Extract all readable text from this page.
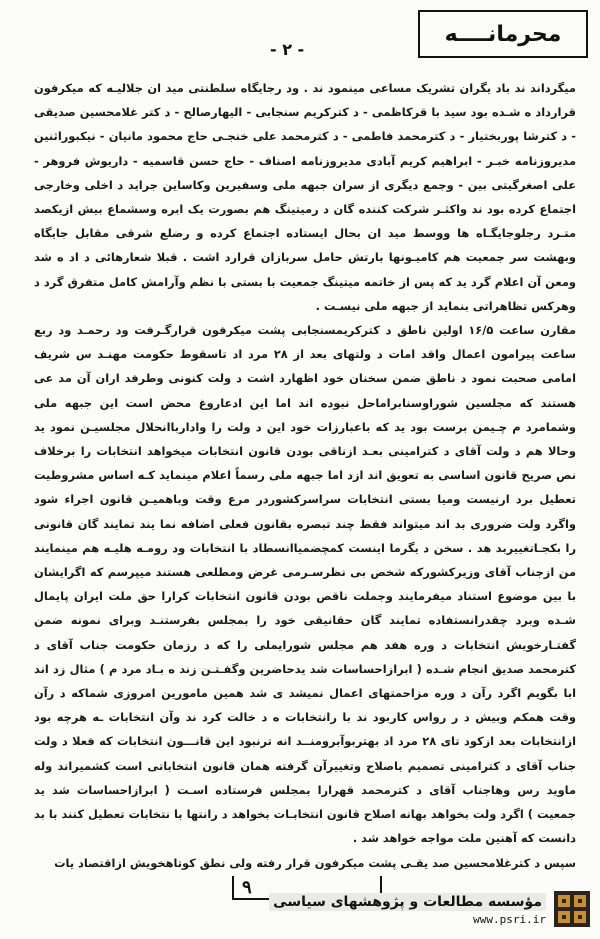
محرمانــــه
- ۲ -

میگرداند ند باد یگران تشریک مساعی مینمود ند . ود رجایگاه سلطنتی مید ان جلالیـه که میکرفون قرارداد ه شـده بود سید با قرکاظمی - د کترکریم سنجابی - الیهارصالح - د کتر غلامحسین صدیقی - د کترشا پوربختیار - د کترمحمد فاطمی - د کترمحمد علی خنجـی حاج محمود مانیان - نیکبوراثنین مدیروزنامه خبـر - ابراهیم کریم آبادی مدیروزنامه اصناف - حاج حسن قاسمیه - داریوش فروهر - علی اصغرگیتی بین - وجمع دیگری از سران جبهه ملی وسفیرین وکاساین جراید د اخلی وخارجی اجتماع کرده بود ند واکثـر شرکت کننده گان د رمیتینگ هم بصورت یک ابره وسشماع بیش ازیکصد متـرد رجلوجایگـاه ها ووسط مید ان بحال ایستاده اجتماع کرده و رضلع شرقی مقابل جایگاه وبهشت سر جمعیت هم کامیـونها بارتش حامل سربازان قرارد اشت . قبلا شعارهائی د اد ه شد ومعن آن اعلام گرد ید که پس از خاتمه میتینگ جمعیت با بستی با نظم وآرامش کامل متفرق گرد د وهرکس تظاهراتی بنماید از جبهه ملی نیسـت .

مقارن ساعت ۱۶/۵ اولین ناطق د کترکریمسنجابی پشت میکرفون قرارگـرفت ود رحمـد ود ربع ساعت پیرامون اعمال واقد امات د ولتهای بعد از ۲۸ مرد اد تاسقوط حکومت مهنـد س شریف امامی صحبت نمود د ناطق ضمن سخنان خود اظهارد اشت د ولت کنونی وطرفد اران آن مد عی هستند که مجلسین شوراوسنابراماحل نبوده اند اما این ادعاروغ محض است این جبهه ملی وشمامرد م چـیمن برست بود ید که باعبارزات خود این د ولت را وادارباانحلال مجلسیـن نمود ید وحالا هم د ولت آقای د کترامینی بعـد ازناقی بودن قانون انتخابات میخواهد انتخابات را برخلاف نص صریح قانون اساسی به تعویق اند ازد اما جبهه ملی رسماً اعلام مینماید کـه اساس مشروطیت تعطیل برد ارنیست ومیا بستی انتخابات سراسرکشوردر مرع وقت وباهمیـن قانون اجراء شود واگرد ولت ضروری بد اند میتواند فقط چند تبصره بقانون فعلی اضافه نما یند تمایند گان قانونی را بکجـاتغییربد هد . سخن د یگرما اینست کمچضمیاانسطاد با انتخابات ود رومـه هلیـه هم مینمایند من ازجناب آقای وزیرکشورکه شخص بی نظرسـرمی غرض ومطلعی هستند میپرسم که اگرایشان با بین موضوع استناد میفرمایند وجملت ناقص بودن قانون انتخابات کرارا حق ملت ایران پایمال شـده وبرد چقدرانستفاده تمایند گان حقانیقی خود را بمجلس بفرستنـد وبرای نمونه ضمن گفتـارخویش انتخابات د وره هفد هم مجلس شورایملی را که د رزمان حکومت جناب آقای د کترمحمد صدیق انجام شـده ( ابرازاحساسات شد یدحاضرین وگفـتـن زند ه بـاد مرد م ) مثال زد اند ابا بگویم اگرد رآن د وره مزاحمتهای اعمال نمیشد ی شد همین مامورین امروزی شماکه د رآن وقت همکم وبیش د ر رواس کاربود ند با رانتخابات ه د خالت کرد ند وآن انتخابات ـه هرچه بود ازانتخابات بعد ازکود تای ۲۸ مرد اد بهتربوآبرومنــد انه ترنبود این قانـــون انتخابات که فعلا د ولت جناب آقای د کترامینی تصمیم باصلاح وتغییرآن گرفته همان قانون انتخاباتی است کشمیراند وله ماوید رس وهاجناب آقای د کترمحمد قهرارا بمجلس فرستاده اسـت ( ابرازاحساسات شد ید جمعیت ) اگرد ولت بخواهد بهانه اصلاح قانون انتخابـات بخواهد د رانتها با نتخابات تعطیل کنند با بد دانست که آهنین ملت مواجه خواهد شد .

سپس د کترغلامحسین صد یقـی پشت میکرفون قرار رفته ولی نطق کوتاهخویش ازاقتصاد یات

۹
مؤسسه مطالعات و پژوهشهای سیاسی
www.psri.ir
